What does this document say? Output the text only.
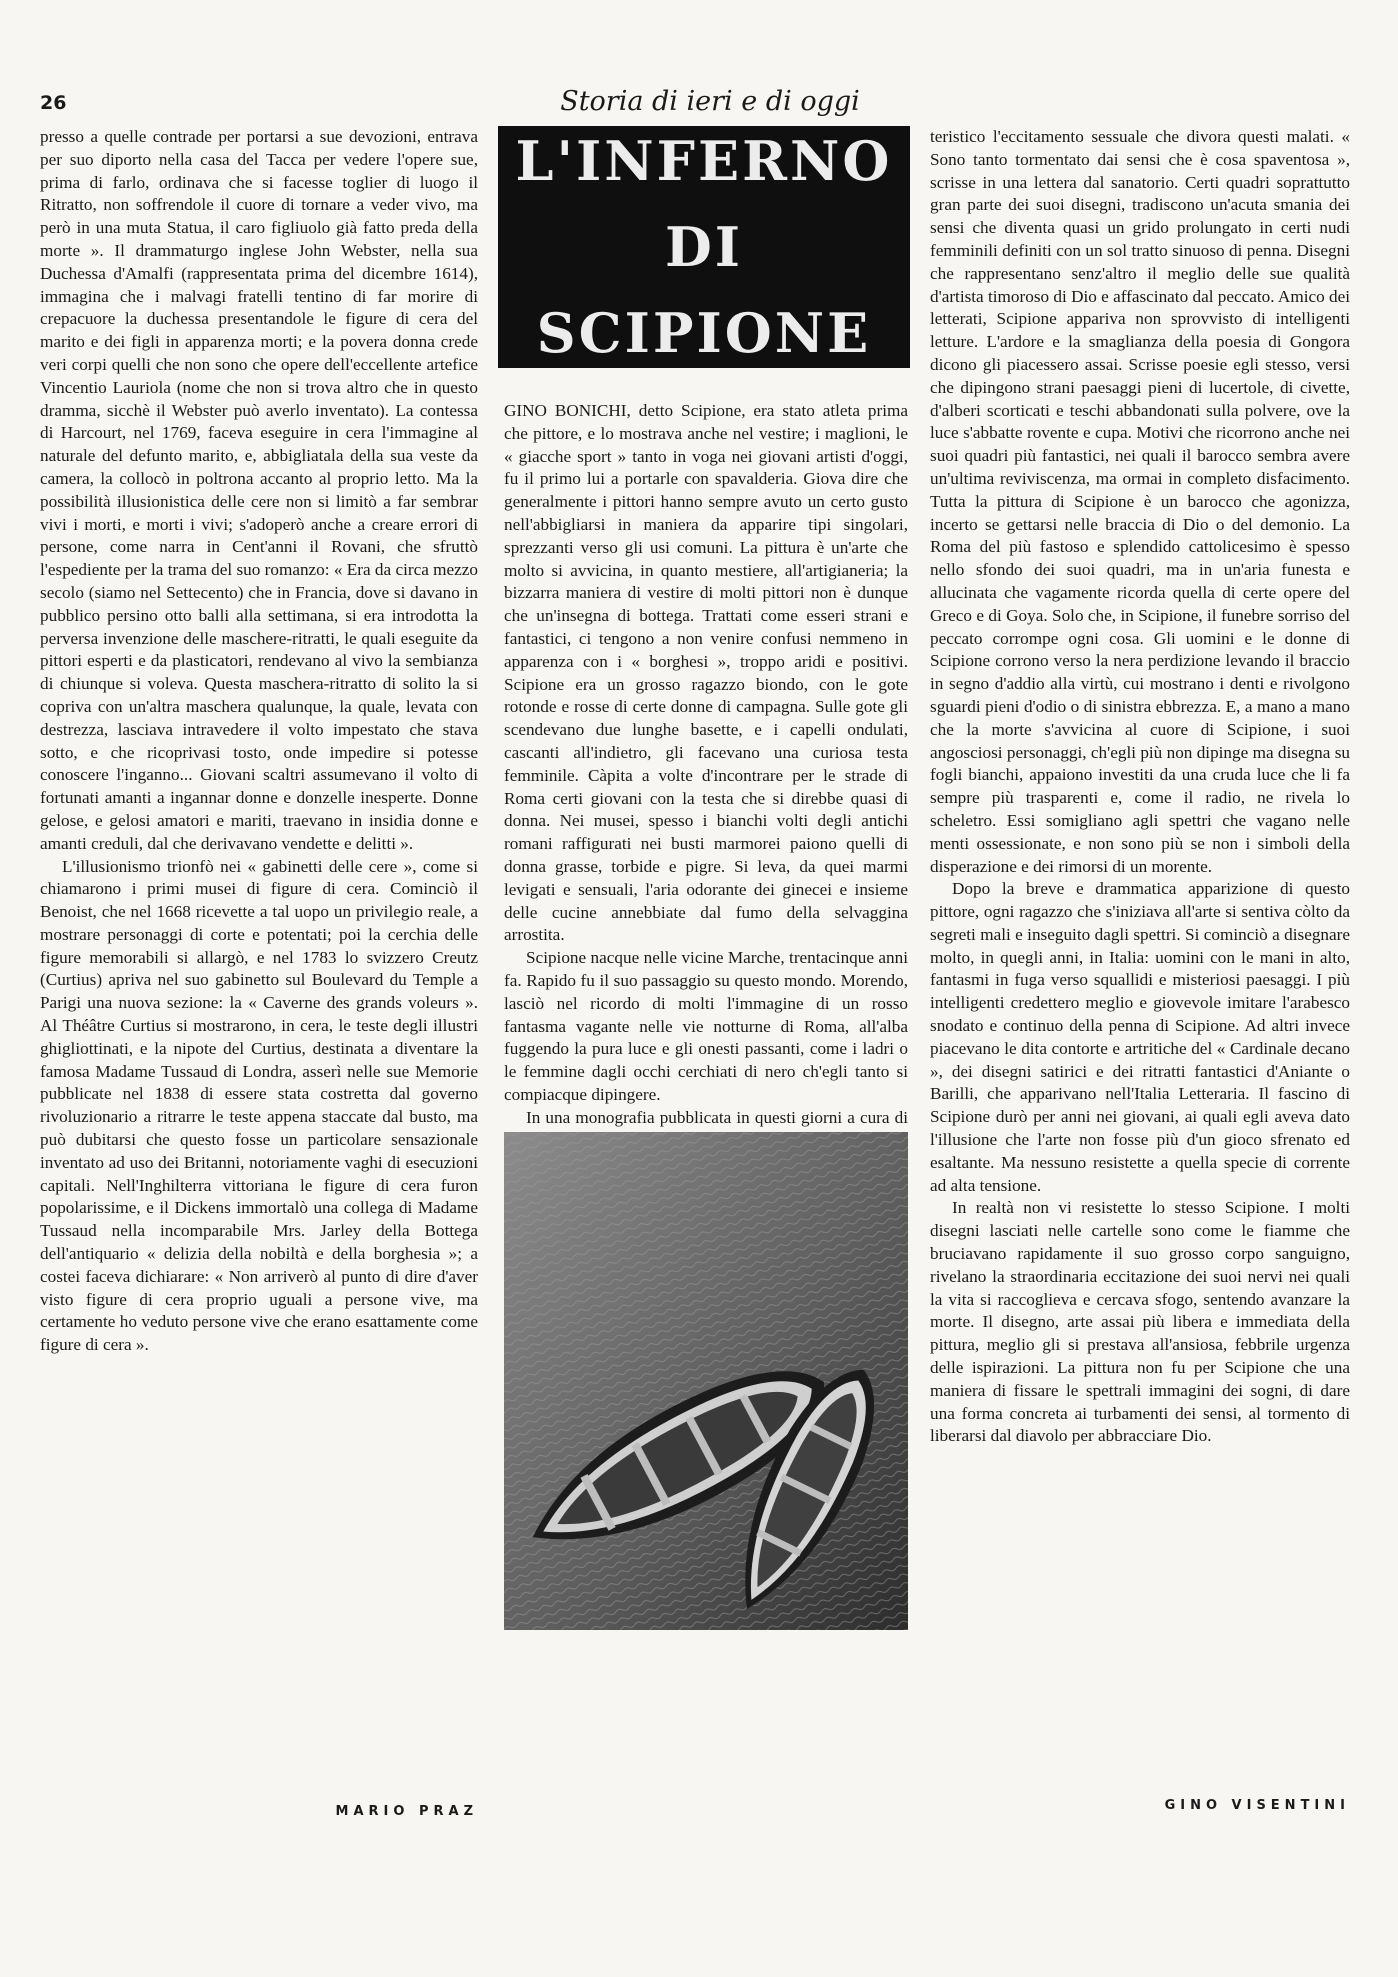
26	Storia di ieri e di oggi

presso a quelle contrade per portarsi a sue devozioni, entrava per suo diporto nella casa del Tacca per vedere l'opere sue, prima di farlo, ordinava che si facesse toglier di luogo il Ritratto, non soffrendole il cuore di tornare a veder vivo, ma però in una muta Statua, il caro figliuolo già fatto preda della morte ». Il drammaturgo inglese John Webster, nella sua Duchessa d'Amalfi (rappresentata prima del dicembre 1614), immagina che i malvagi fratelli tentino di far morire di crepacuore la duchessa presentandole le figure di cera del marito e dei figli in apparenza morti; e la povera donna crede veri corpi quelli che non sono che opere dell'eccellente artefice Vincentio Lauriola (nome che non si trova altro che in questo dramma, sicchè il Webster può averlo inventato). La contessa di Harcourt, nel 1769, faceva eseguire in cera l'immagine al naturale del defunto marito, e, abbigliatala della sua veste da camera, la collocò in poltrona accanto al proprio letto. Ma la possibilità illusionistica delle cere non si limitò a far sembrar vivi i morti, e morti i vivi; s'adoperò anche a creare errori di persone, come narra in Cent'anni il Rovani, che sfruttò l'espediente per la trama del suo romanzo: « Era da circa mezzo secolo (siamo nel Settecento) che in Francia, dove si davano in pubblico persino otto balli alla settimana, si era introdotta la perversa invenzione delle maschere-ritratti, le quali eseguite da pittori esperti e da plasticatori, rendevano al vivo la sembianza di chiunque si voleva. Questa maschera-ritratto di solito la si copriva con un'altra maschera qualunque, la quale, levata con destrezza, lasciava intravedere il volto impestato che stava sotto, e che ricoprivasi tosto, onde impedire si potesse conoscere l'inganno... Giovani scaltri assumevano il volto di fortunati amanti a ingannar donne e donzelle inesperte. Donne gelose, e gelosi amatori e mariti, traevano in insidia donne e amanti creduli, dal che derivavano vendette e delitti ».

L'illusionismo trionfò nei « gabinetti delle cere », come si chiamarono i primi musei di figure di cera. Cominciò il Benoist, che nel 1668 ricevette a tal uopo un privilegio reale, a mostrare personaggi di corte e potentati; poi la cerchia delle figure memorabili si allargò, e nel 1783 lo svizzero Creutz (Curtius) apriva nel suo gabinetto sul Boulevard du Temple a Parigi una nuova sezione: la « Caverne des grands voleurs ». Al Théâtre Curtius si mostrarono, in cera, le teste degli illustri ghigliottinati, e la nipote del Curtius, destinata a diventare la famosa Madame Tussaud di Londra, asserì nelle sue Memorie pubblicate nel 1838 di essere stata costretta dal governo rivoluzionario a ritrarre le teste appena staccate dal busto, ma può dubitarsi che questo fosse un particolare sensazionale inventato ad uso dei Britanni, notoriamente vaghi di esecuzioni capitali. Nell'Inghilterra vittoriana le figure di cera furon popolarissime, e il Dickens immortalò una collega di Madame Tussaud nella incomparabile Mrs. Jarley della Bottega dell'antiquario « delizia della nobiltà e della borghesia »; a costei faceva dichiarare: « Non arriverò al punto di dire d'aver visto figure di cera proprio uguali a persone vive, ma certamente ho veduto persone vive che erano esattamente come figure di cera ».

MARIO PRAZ
L'INFERNO
DI SCIPIONE

GINO BONICHI, detto Scipione, era stato atleta prima che pittore, e lo mostrava anche nel vestire; i maglioni, le « giacche sport » tanto in voga nei giovani artisti d'oggi, fu il primo lui a portarle con spavalderia. Giova dire che generalmente i pittori hanno sempre avuto un certo gusto nell'abbigliarsi in maniera da apparire tipi singolari, sprezzanti verso gli usi comuni. La pittura è un'arte che molto si avvicina, in quanto mestiere, all'artigianeria; la bizzarra maniera di vestire di molti pittori non è dunque che un'insegna di bottega. Trattati come esseri strani e fantastici, ci tengono a non venire confusi nemmeno in apparenza con i « borghesi », troppo aridi e positivi. Scipione era un grosso ragazzo biondo, con le gote rotonde e rosse di certe donne di campagna. Sulle gote gli scendevano due lunghe basette, e i capelli ondulati, cascanti all'indietro, gli facevano una curiosa testa femminile. Càpita a volte d'incontrare per le strade di Roma certi giovani con la testa che si direbbe quasi di donna. Nei musei, spesso i bianchi volti degli antichi romani raffigurati nei busti marmorei paiono quelli di donna grasse, torbide e pigre. Si leva, da quei marmi levigati e sensuali, l'aria odorante dei ginecei e insieme delle cucine annebbiate dal fumo della selvaggina arrostita.

Scipione nacque nelle vicine Marche, trentacinque anni fa. Rapido fu il suo passaggio su questo mondo. Morendo, lasciò nel ricordo di molti l'immagine di un rosso fantasma vagante nelle vie notturne di Roma, all'alba fuggendo la pura luce e gli onesti passanti, come i ladri o le femmine dagli occhi cerchiati di nero ch'egli tanto si compiacque dipingere.

In una monografia pubblicata in questi giorni a cura di

teristico l'eccitamento sessuale che divora questi malati. « Sono tanto tormentato dai sensi che è cosa spaventosa », scrisse in una lettera dal sanatorio. Certi quadri soprattutto gran parte dei suoi disegni, tradiscono un'acuta smania dei sensi che diventa quasi un grido prolungato in certi nudi femminili definiti con un sol tratto sinuoso di penna. Disegni che rappresentano senz'altro il meglio delle sue qualità d'artista timoroso di Dio e affascinato dal peccato. Amico dei letterati, Scipione appariva non sprovvisto di intelligenti letture. L'ardore e la smaglianza della poesia di Gongora dicono gli piacessero assai. Scrisse poesie egli stesso, versi che dipingono strani paesaggi pieni di lucertole, di civette, d'alberi scorticati e teschi abbandonati sulla polvere, ove la luce s'abbatte rovente e cupa. Motivi che ricorrono anche nei suoi quadri più fantastici, nei quali il barocco sembra avere un'ultima reviviscenza, ma ormai in completo disfacimento. Tutta la pittura di Scipione è un barocco che agonizza, incerto se gettarsi nelle braccia di Dio o del demonio. La Roma del più fastoso e splendido cattolicesimo è spesso nello sfondo dei suoi quadri, ma in un'aria funesta e allucinata che vagamente ricorda quella di certe opere del Greco e di Goya. Solo che, in Scipione, il funebre sorriso del peccato corrompe ogni cosa. Gli uomini e le donne di Scipione corrono verso la nera perdizione levando il braccio in segno d'addio alla virtù, cui mostrano i denti e rivolgono sguardi pieni d'odio o di sinistra ebbrezza. E, a mano a mano che la morte s'avvicina al cuore di Scipione, i suoi angosciosi personaggi, ch'egli più non dipinge ma disegna su fogli bianchi, appaiono investiti da una cruda luce che li fa sempre più trasparenti e, come il radio, ne rivela lo scheletro. Essi somigliano agli spettri che vagano nelle menti ossessionate, e non sono più se non i simboli della disperazione e dei rimorsi di un morente.

Dopo la breve e drammatica apparizione di questo pittore, ogni ragazzo che s'iniziava all'arte si sentiva còlto da segreti mali e inseguito dagli spettri. Si cominciò a disegnare molto, in quegli anni, in Italia: uomini con le mani in alto, fantasmi in fuga verso squallidi e misteriosi paesaggi. I più intelligenti credettero meglio e giovevole imitare l'arabesco snodato e continuo della penna di Scipione. Ad altri invece piacevano le dita contorte e artritiche del « Cardinale decano », dei disegni satirici e dei ritratti fantastici d'Aniante o Barilli, che apparivano nell'Italia Letteraria. Il fascino di Scipione durò per anni nei giovani, ai quali egli aveva dato l'illusione che l'arte non fosse più d'un gioco sfrenato ed esaltante. Ma nessuno resistette a quella specie di corrente ad alta tensione.

In realtà non vi resistette lo stesso Scipione. I molti disegni lasciati nelle cartelle sono come le fiamme che bruciavano rapidamente il suo grosso corpo sanguigno, rivelano la straordinaria eccitazione dei suoi nervi nei quali la vita si raccoglieva e cercava sfogo, sentendo avanzare la morte. Il disegno, arte assai più libera e immediata della pittura, meglio gli si prestava all'ansiosa, febbrile urgenza delle ispirazioni. La pittura non fu per Scipione che una maniera di fissare le spettrali immagini dei sogni, di dare una forma concreta ai turbamenti dei sensi, al tormento di liberarsi dal diavolo per abbracciare Dio.

GINO VISENTINI
